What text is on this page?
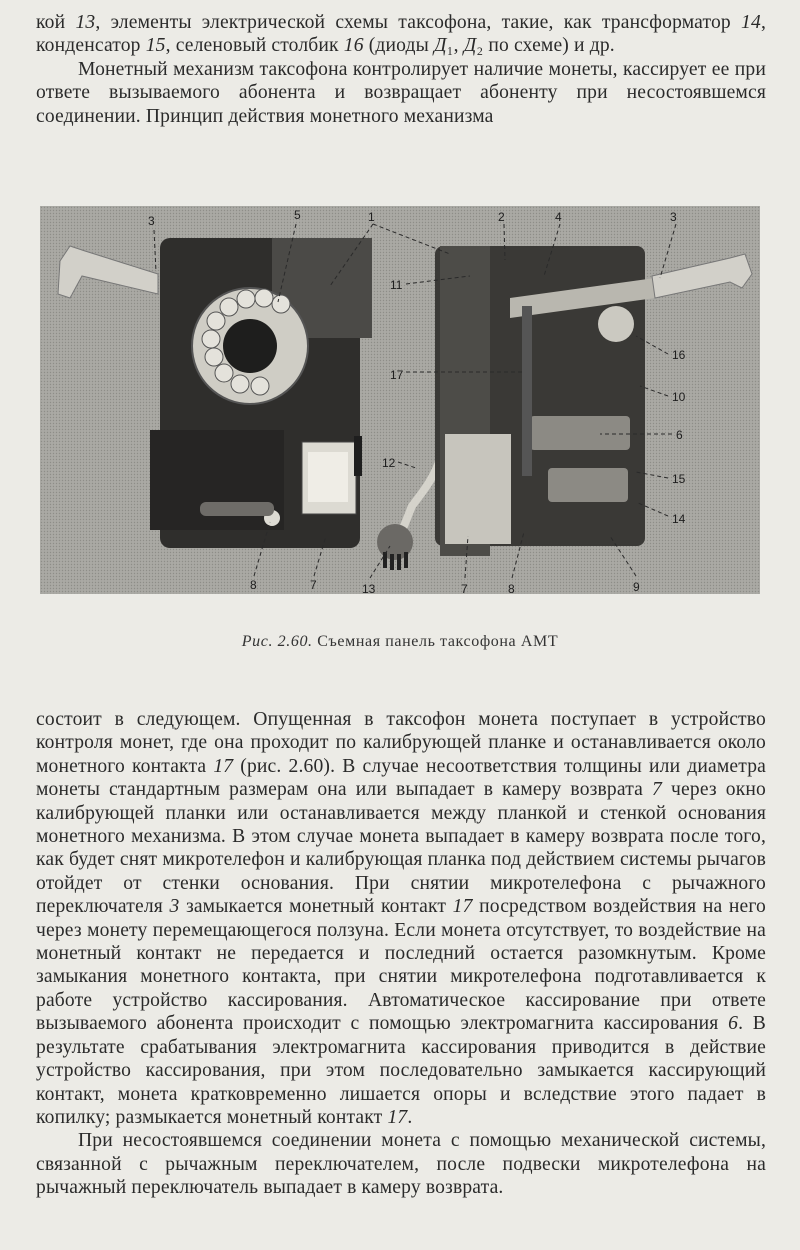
кой 13, элементы электрической схемы таксофона, такие, как трансформатор 14, конденсатор 15, селеновый столбик 16 (диоды Д₁, Д₂ по схеме) и др.

Монетный механизм таксофона контролирует наличие монеты, кассирует ее при ответе вызываемого абонента и возвращает абоненту при несостоявшемся соединении. Принцип действия монетного механизма

3	5	1	2	4	3
11
16
17
10
6
12
15
14
8	7	13	7	8	9
Рис. 2.60. Съемная панель таксофона АМТ

состоит в следующем. Опущенная в таксофон монета поступает в устройство контроля монет, где она проходит по калибрующей планке и останавливается около монетного контакта 17 (рис. 2.60). В случае несоответствия толщины или диаметра монеты стандартным размерам она или выпадает в камеру возврата 7 через окно калибрующей планки или останавливается между планкой и стенкой основания монетного механизма. В этом случае монета выпадает в камеру возврата после того, как будет снят микротелефон и калибрующая планка под действием системы рычагов отойдет от стенки основания. При снятии микротелефона с рычажного переключателя 3 замыкается монетный контакт 17 посредством воздействия на него через монету перемещающегося ползуна. Если монета отсутствует, то воздействие на монетный контакт не передается и последний остается разомкнутым. Кроме замыкания монетного контакта, при снятии микротелефона подготавливается к работе устройство кассирования. Автоматическое кассирование при ответе вызываемого абонента происходит с помощью электромагнита кассирования 6. В результате срабатывания электромагнита кассирования приводится в действие устройство кассирования, при этом последовательно замыкается кассирующий контакт, монета кратковременно лишается опоры и вследствие этого падает в копилку; размыкается монетный контакт 17.

При несостоявшемся соединении монета с помощью механической системы, связанной с рычажным переключателем, после подвески микротелефона на рычажный переключатель выпадает в камеру возврата.
